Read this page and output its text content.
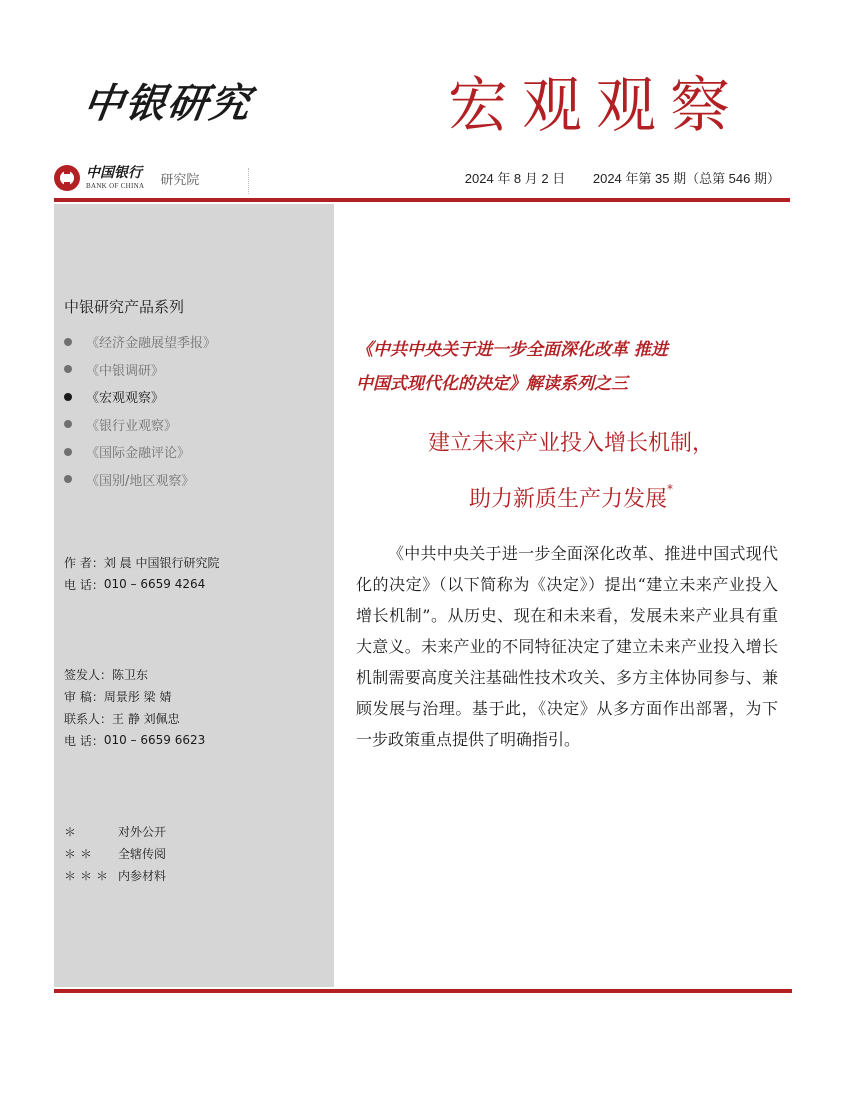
中银研究	宏观观察
中国银行
BANK OF CHINA 研究院	2024 年 8 月 2 日 2024 年第 35 期（总第 546 期）
中银研究产品系列
《经济金融展望季报》
《中银调研》
《宏观观察》
《银行业观察》
《国际金融评论》
《国别/地区观察》
作 者： 刘 晨 中国银行研究院
电 话： 010 – 6659 4264
签发人： 陈卫东
审 稿： 周景彤 梁 婧
联系人： 王 静 刘佩忠
电 话： 010 – 6659 6623
＊	对外公开
＊＊	全辖传阅
＊＊＊ 内参材料
《中共中央关于进一步全面深化改革 推进
中国式现代化的决定》解读系列之三
建立未来产业投入增长机制，
助力新质生产力发展*
《中共中央关于进一步全面深化改革、推进中国式现代化的决定》（以下简称为《决定》）提出“建立未来产业投入增长机制”。从历史、现在和未来看，发展未来产业具有重大意义。未来产业的不同特征决定了建立未来产业投入增长机制需要高度关注基础性技术攻关、多方主体协同参与、兼顾发展与治理。基于此，《决定》从多方面作出部署，为下一步政策重点提供了明确指引。
